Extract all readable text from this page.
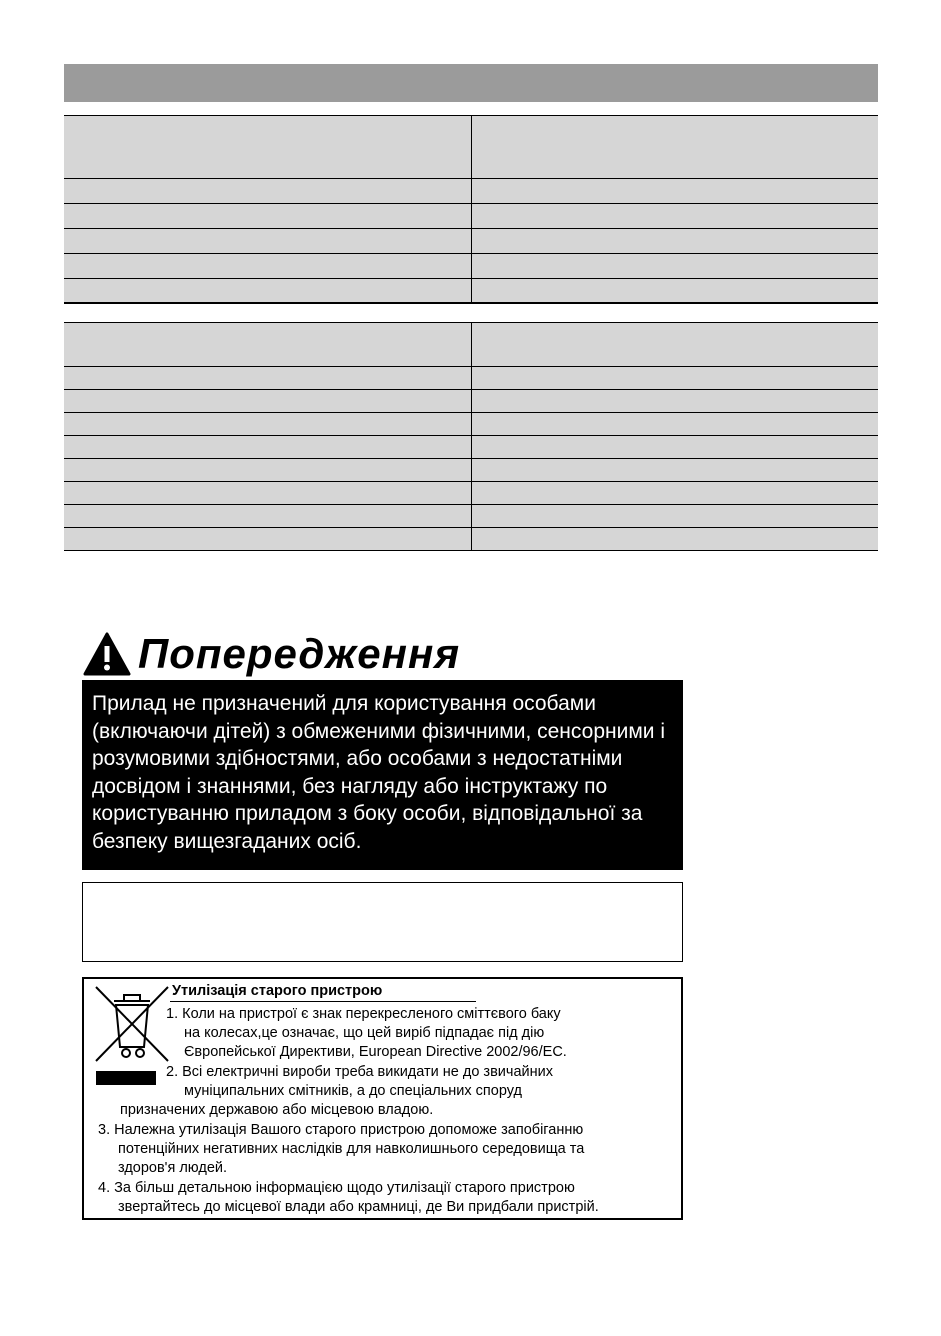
Попередження
Прилад не призначений для користування особами (включаючи дітей) з обмеженими фізичними, сенсорними і розумовими здібностями, або особами з недостатніми досвідом і знаннями, без нагляду або інструктажу по користуванню приладом з боку особи, відповідальної за безпеку вищезгаданих осіб.
Утилізація старого пристрою
1. Коли на пристрої є знак перекресленого сміттєвого баку
на колесах,це означає, що цей виріб підпадає під дію
Європейської Директиви, European Directive 2002/96/EC.
2. Всі електричні вироби треба викидати не до звичайних
муніципальних смітників, а до спеціальних споруд
призначених державою або місцевою владою.
3. Належна утилізація Вашого старого пристрою допоможе запобіганню
потенційних негативних наслідків для навколишнього середовища та
здоров'я людей.
4. За більш детальною інформацією щодо утилізації старого пристрою
звертайтесь до місцевої влади або крамниці, де Ви придбали пристрій.
